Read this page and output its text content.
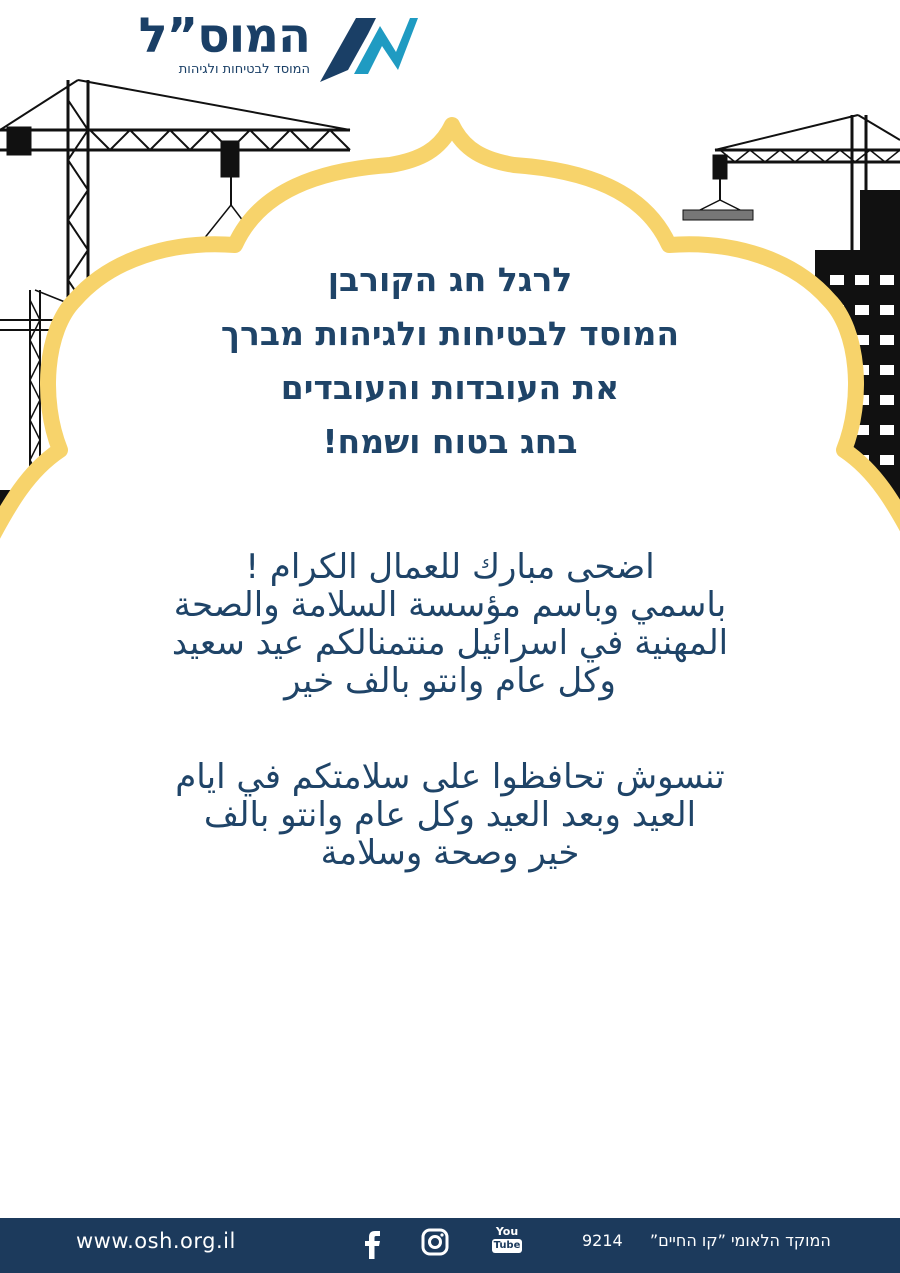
המוס”ל
המוסד לבטיחות ולגיהות
לרגל חג הקורבן
המוסד לבטיחות ולגיהות מברך
את העובדות והעובדים
בחג בטוח ושמח!
اضحى مبارك للعمال الكرام !
باسمي وباسم مؤسسة السلامة والصحة
المهنية في اسرائيل منتمنالكم عيد سعيد
وكل عام وانتو بالف خير
تنسوش تحافظوا على سلامتكم في ايام
العيد وبعد العيد وكل عام وانتو بالف
خير وصحة وسلامة
www.osh.org.il	You
Tube	9214 המוקד הלאומי ”קו החיים”
